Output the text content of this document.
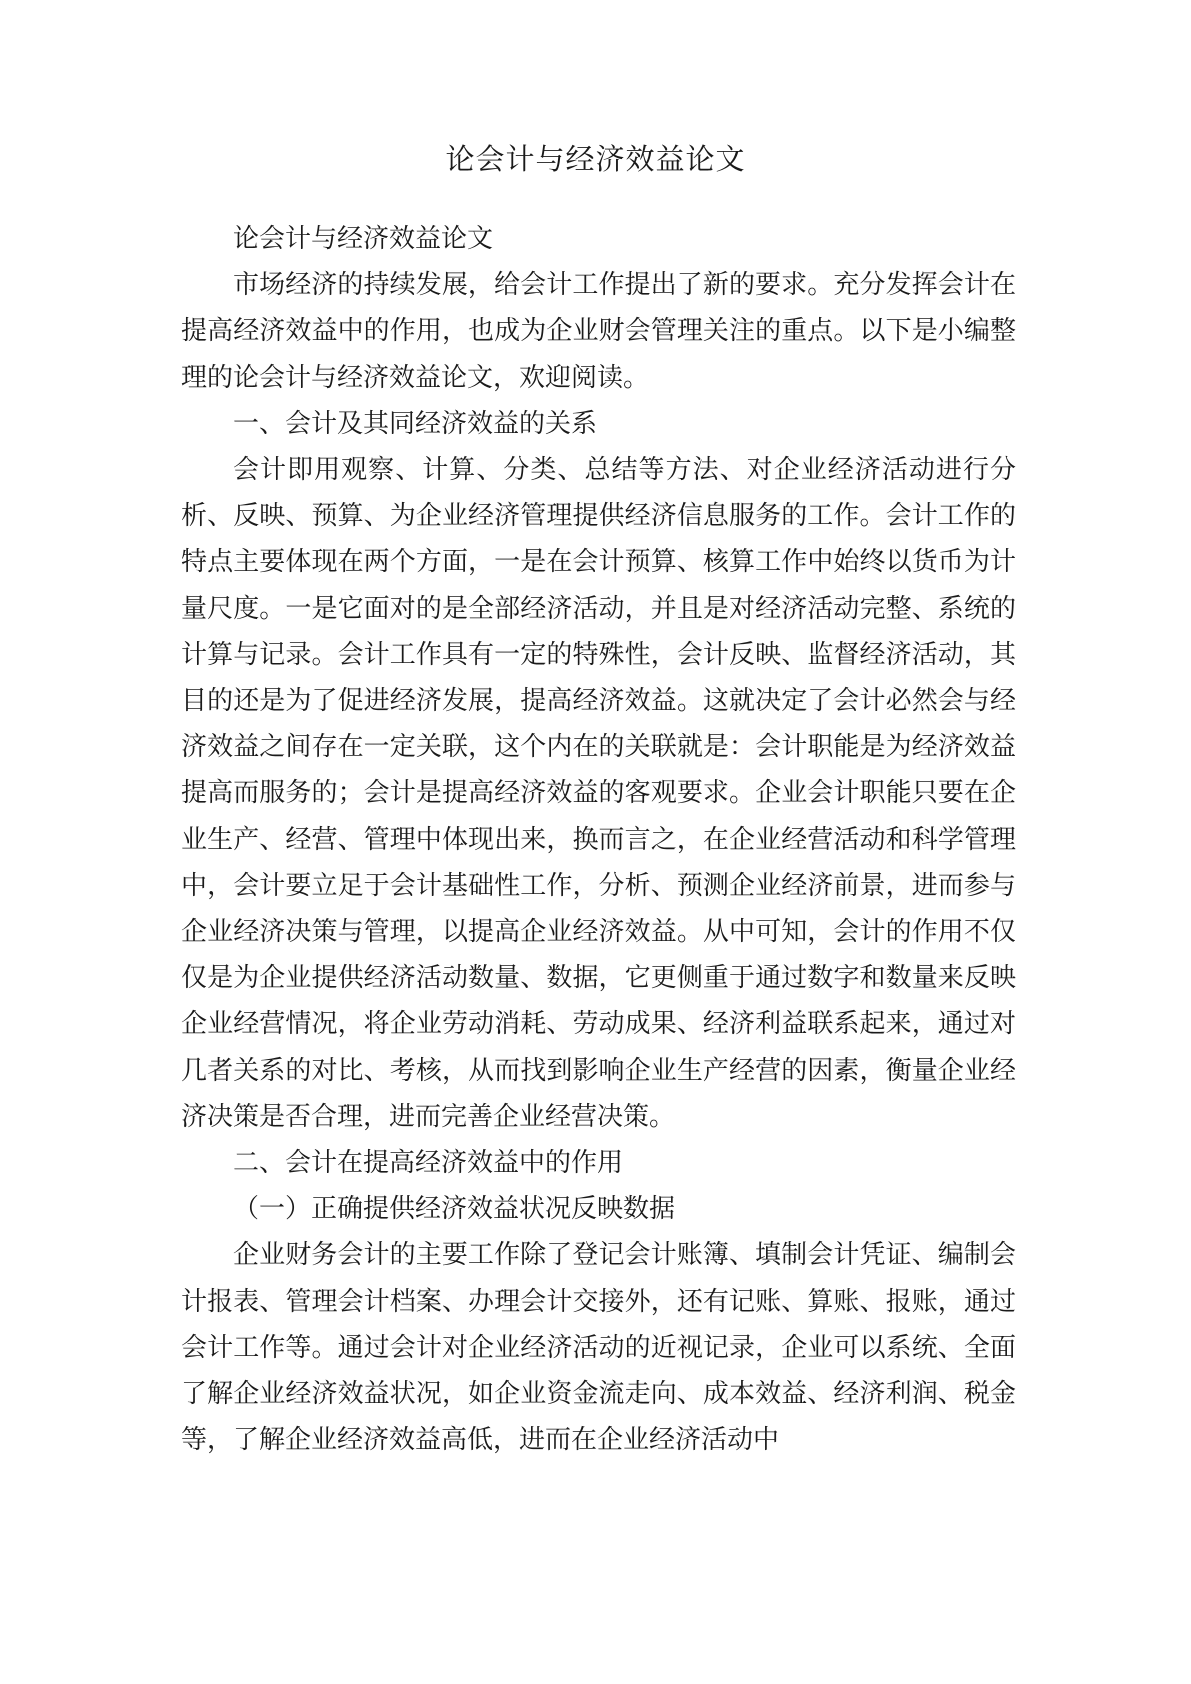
论会计与经济效益论文

论会计与经济效益论文

市场经济的持续发展，给会计工作提出了新的要求。充分发挥会计在提高经济效益中的作用，也成为企业财会管理关注的重点。以下是小编整理的论会计与经济效益论文，欢迎阅读。

一、会计及其同经济效益的关系

会计即用观察、计算、分类、总结等方法、对企业经济活动进行分析、反映、预算、为企业经济管理提供经济信息服务的工作。会计工作的特点主要体现在两个方面，一是在会计预算、核算工作中始终以货币为计量尺度。一是它面对的是全部经济活动，并且是对经济活动完整、系统的计算与记录。会计工作具有一定的特殊性，会计反映、监督经济活动，其目的还是为了促进经济发展，提高经济效益。这就决定了会计必然会与经济效益之间存在一定关联，这个内在的关联就是：会计职能是为经济效益提高而服务的；会计是提高经济效益的客观要求。企业会计职能只要在企业生产、经营、管理中体现出来，换而言之，在企业经营活动和科学管理中，会计要立足于会计基础性工作，分析、预测企业经济前景，进而参与企业经济决策与管理，以提高企业经济效益。从中可知，会计的作用不仅仅是为企业提供经济活动数量、数据，它更侧重于通过数字和数量来反映企业经营情况，将企业劳动消耗、劳动成果、经济利益联系起来，通过对几者关系的对比、考核，从而找到影响企业生产经营的因素，衡量企业经济决策是否合理，进而完善企业经营决策。

二、会计在提高经济效益中的作用

（一）正确提供经济效益状况反映数据

企业财务会计的主要工作除了登记会计账簿、填制会计凭证、编制会计报表、管理会计档案、办理会计交接外，还有记账、算账、报账，通过会计工作等。通过会计对企业经济活动的近视记录，企业可以系统、全面了解企业经济效益状况，如企业资金流走向、成本效益、经济利润、税金等，了解企业经济效益高低，进而在企业经济活动中
